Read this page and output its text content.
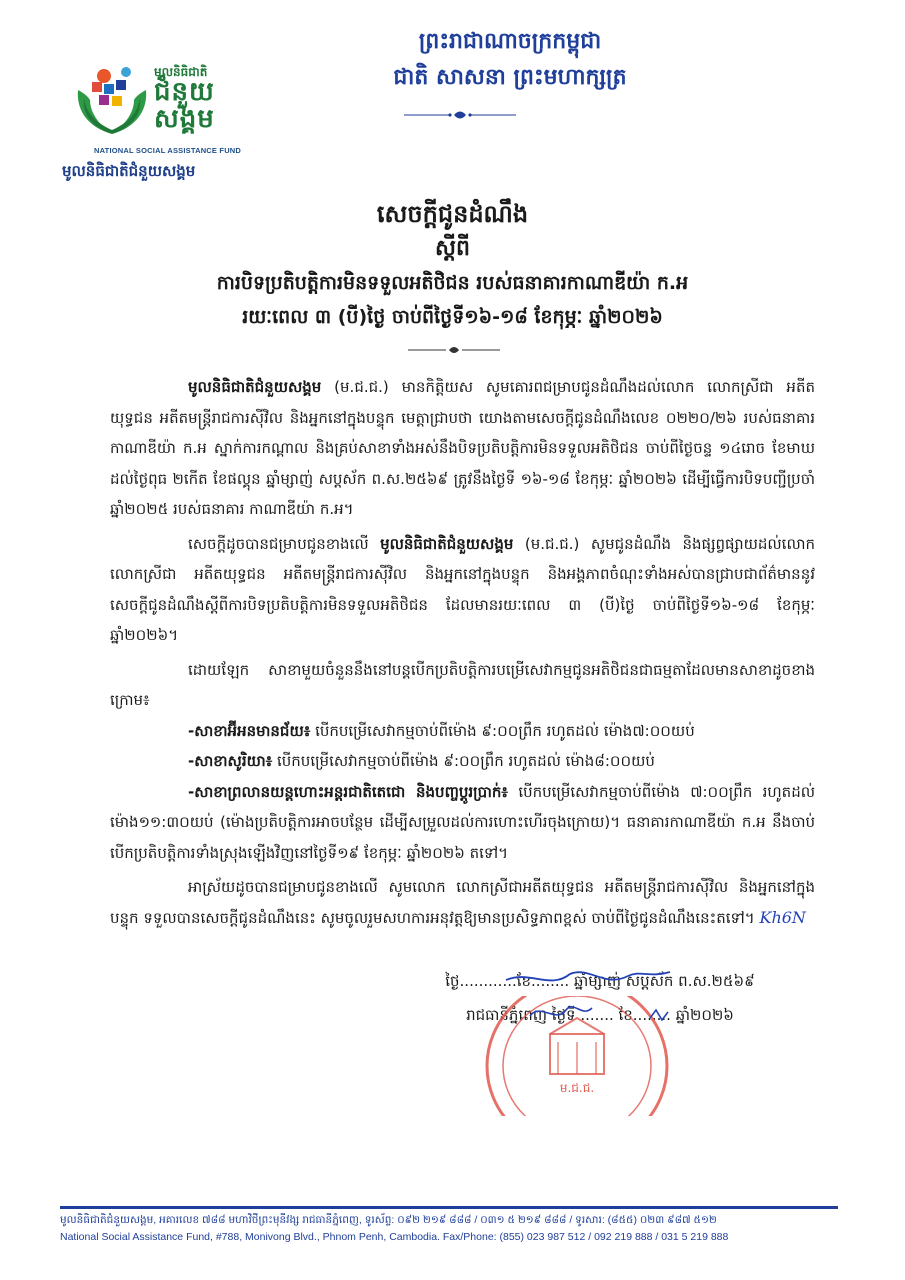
មូលនិធិជាតិ
ជំនួយ
សង្គម
NATIONAL SOCIAL ASSISTANCE FUND
មូលនិធិជាតិជំនួយសង្គម
ព្រះរាជាណាចក្រកម្ពុជា
ជាតិ សាសនា ព្រះមហាក្សត្រ
សេចក្តីជូនដំណឹង
ស្តីពី
ការបិទប្រតិបត្តិការមិនទទួលអតិថិជន របស់ធនាគារកាណាឌីយ៉ា ក.អ
រយៈពេល ៣ (បី)ថ្ងៃ ចាប់ពីថ្ងៃទី១៦-១៨ ខែកុម្ភៈ ឆ្នាំ២០២៦

មូលនិធិជាតិជំនួយសង្គម (ម.ជ.ជ.) មានកិត្តិយស សូមគោរពជម្រាបជូនដំណឹងដល់លោក លោកស្រីជា អតីតយុទ្ធជន អតីតមន្ត្រីរាជការស៊ីវិល និងអ្នកនៅក្នុងបន្ទុក មេត្តាជ្រាបថា យោងតាមសេចក្តីជូនដំណឹងលេខ ០២២០/២៦ របស់ធនាគារកាណាឌីយ៉ា ក.អ ស្នាក់ការកណ្តាល និងគ្រប់សាខាទាំងអស់នឹងបិទប្រតិបត្តិការមិនទទួលអតិថិជន ចាប់ពីថ្ងៃចន្ទ ១៤រោច ខែមាឃ ដល់ថ្ងៃពុធ ២កើត ខែផល្គុន ឆ្នាំម្សាញ់ សប្តស័ក ព.ស.២៥៦៩ ត្រូវនឹងថ្ងៃទី ១៦-១៨ ខែកុម្ភៈ ឆ្នាំ២០២៦ ដើម្បីធ្វើការបិទបញ្ជីប្រចាំឆ្នាំ២០២៥ របស់ធនាគារ កាណាឌីយ៉ា ក.អ។

សេចក្តីដូចបានជម្រាបជូនខាងលើ មូលនិធិជាតិជំនួយសង្គម (ម.ជ.ជ.) សូមជូនដំណឹង និងផ្សព្វផ្សាយដល់លោក លោកស្រីជា អតីតយុទ្ធជន អតីតមន្ត្រីរាជការស៊ីវិល និងអ្នកនៅក្នុងបន្ទុក និងអង្គភាពចំណុះទាំងអស់បានជ្រាបជាព័ត៌មាននូវសេចក្តីជូនដំណឹងស្តីពីការបិទប្រតិបត្តិការមិនទទួលអតិថិជន ដែលមានរយៈពេល ៣ (បី)ថ្ងៃ ចាប់ពីថ្ងៃទី១៦-១៨ ខែកុម្ភៈ ឆ្នាំ២០២៦។

ដោយឡែក សាខាមួយចំនួននឹងនៅបន្តបើកប្រតិបត្តិការបម្រើសេវាកម្មជូនអតិថិជនជាធម្មតាដែលមានសាខាដូចខាងក្រោម៖

-សាខាអ៊ីអនមានជ័យ៖ បើកបម្រើសេវាកម្មចាប់ពីម៉ោង ៩:០០ព្រឹក រហូតដល់ ម៉ោង៧:០០យប់

-សាខាសូរិយា៖ បើកបម្រើសេវាកម្មចាប់ពីម៉ោង ៩:០០ព្រឹក រហូតដល់ ម៉ោង៨:០០យប់

-សាខាព្រលានយន្តហោះអន្តរជាតិតេជោ និងបញ្ចប្តូរប្រាក់៖ បើកបម្រើសេវាកម្មចាប់ពីម៉ោង ៧:០០ព្រឹក រហូតដល់ ម៉ោង១១:៣០យប់ (ម៉ោងប្រតិបត្តិការអាចបន្ថែម ដើម្បីសម្រួលដល់ការហោះហើរចុងក្រោយ)។ ធនាគារកាណាឌីយ៉ា ក.អ នឹងចាប់បើកប្រតិបត្តិការទាំងស្រុងឡើងវិញនៅថ្ងៃទី១៩ ខែកុម្ភៈ ឆ្នាំ២០២៦ តទៅ។

អាស្រ័យដូចបានជម្រាបជូនខាងលើ សូមលោក លោកស្រីជាអតីតយុទ្ធជន អតីតមន្ត្រីរាជការស៊ីវិល និងអ្នកនៅក្នុងបន្ទុក ទទួលបានសេចក្តីជូនដំណឹងនេះ សូមចូលរួមសហការអនុវត្តឱ្យមានប្រសិទ្ធភាពខ្ពស់ ចាប់ពីថ្ងៃជូនដំណឹងនេះតទៅ។ Kh6N

ថ្ងៃ............ខែ........ ឆ្នាំម្សាញ់ សប្តស័ក ព.ស.២៥៦៩
រាជធានីភ្នំពេញ ថ្ងៃទី ....... ខែ........ ឆ្នាំ២០២៦
ម.ជ.ជ.
មូលនិធិជាតិជំនួយសង្គម, អគារលេខ ៧៨៨ មហាវិថីព្រះមុនីវង្ស រាជធានីភ្នំពេញ, ទូរស័ព្ទ: ០៩២ ២១៩ ៨៨៨ / ០៣១ ៥ ២១៩ ៨៨៨ / ទូរសារ: (៨៥៥) ០២៣ ៩៨៧ ៥១២
National Social Assistance Fund, #788, Monivong Blvd., Phnom Penh, Cambodia. Fax/Phone: (855) 023 987 512 / 092 219 888 / 031 5 219 888
